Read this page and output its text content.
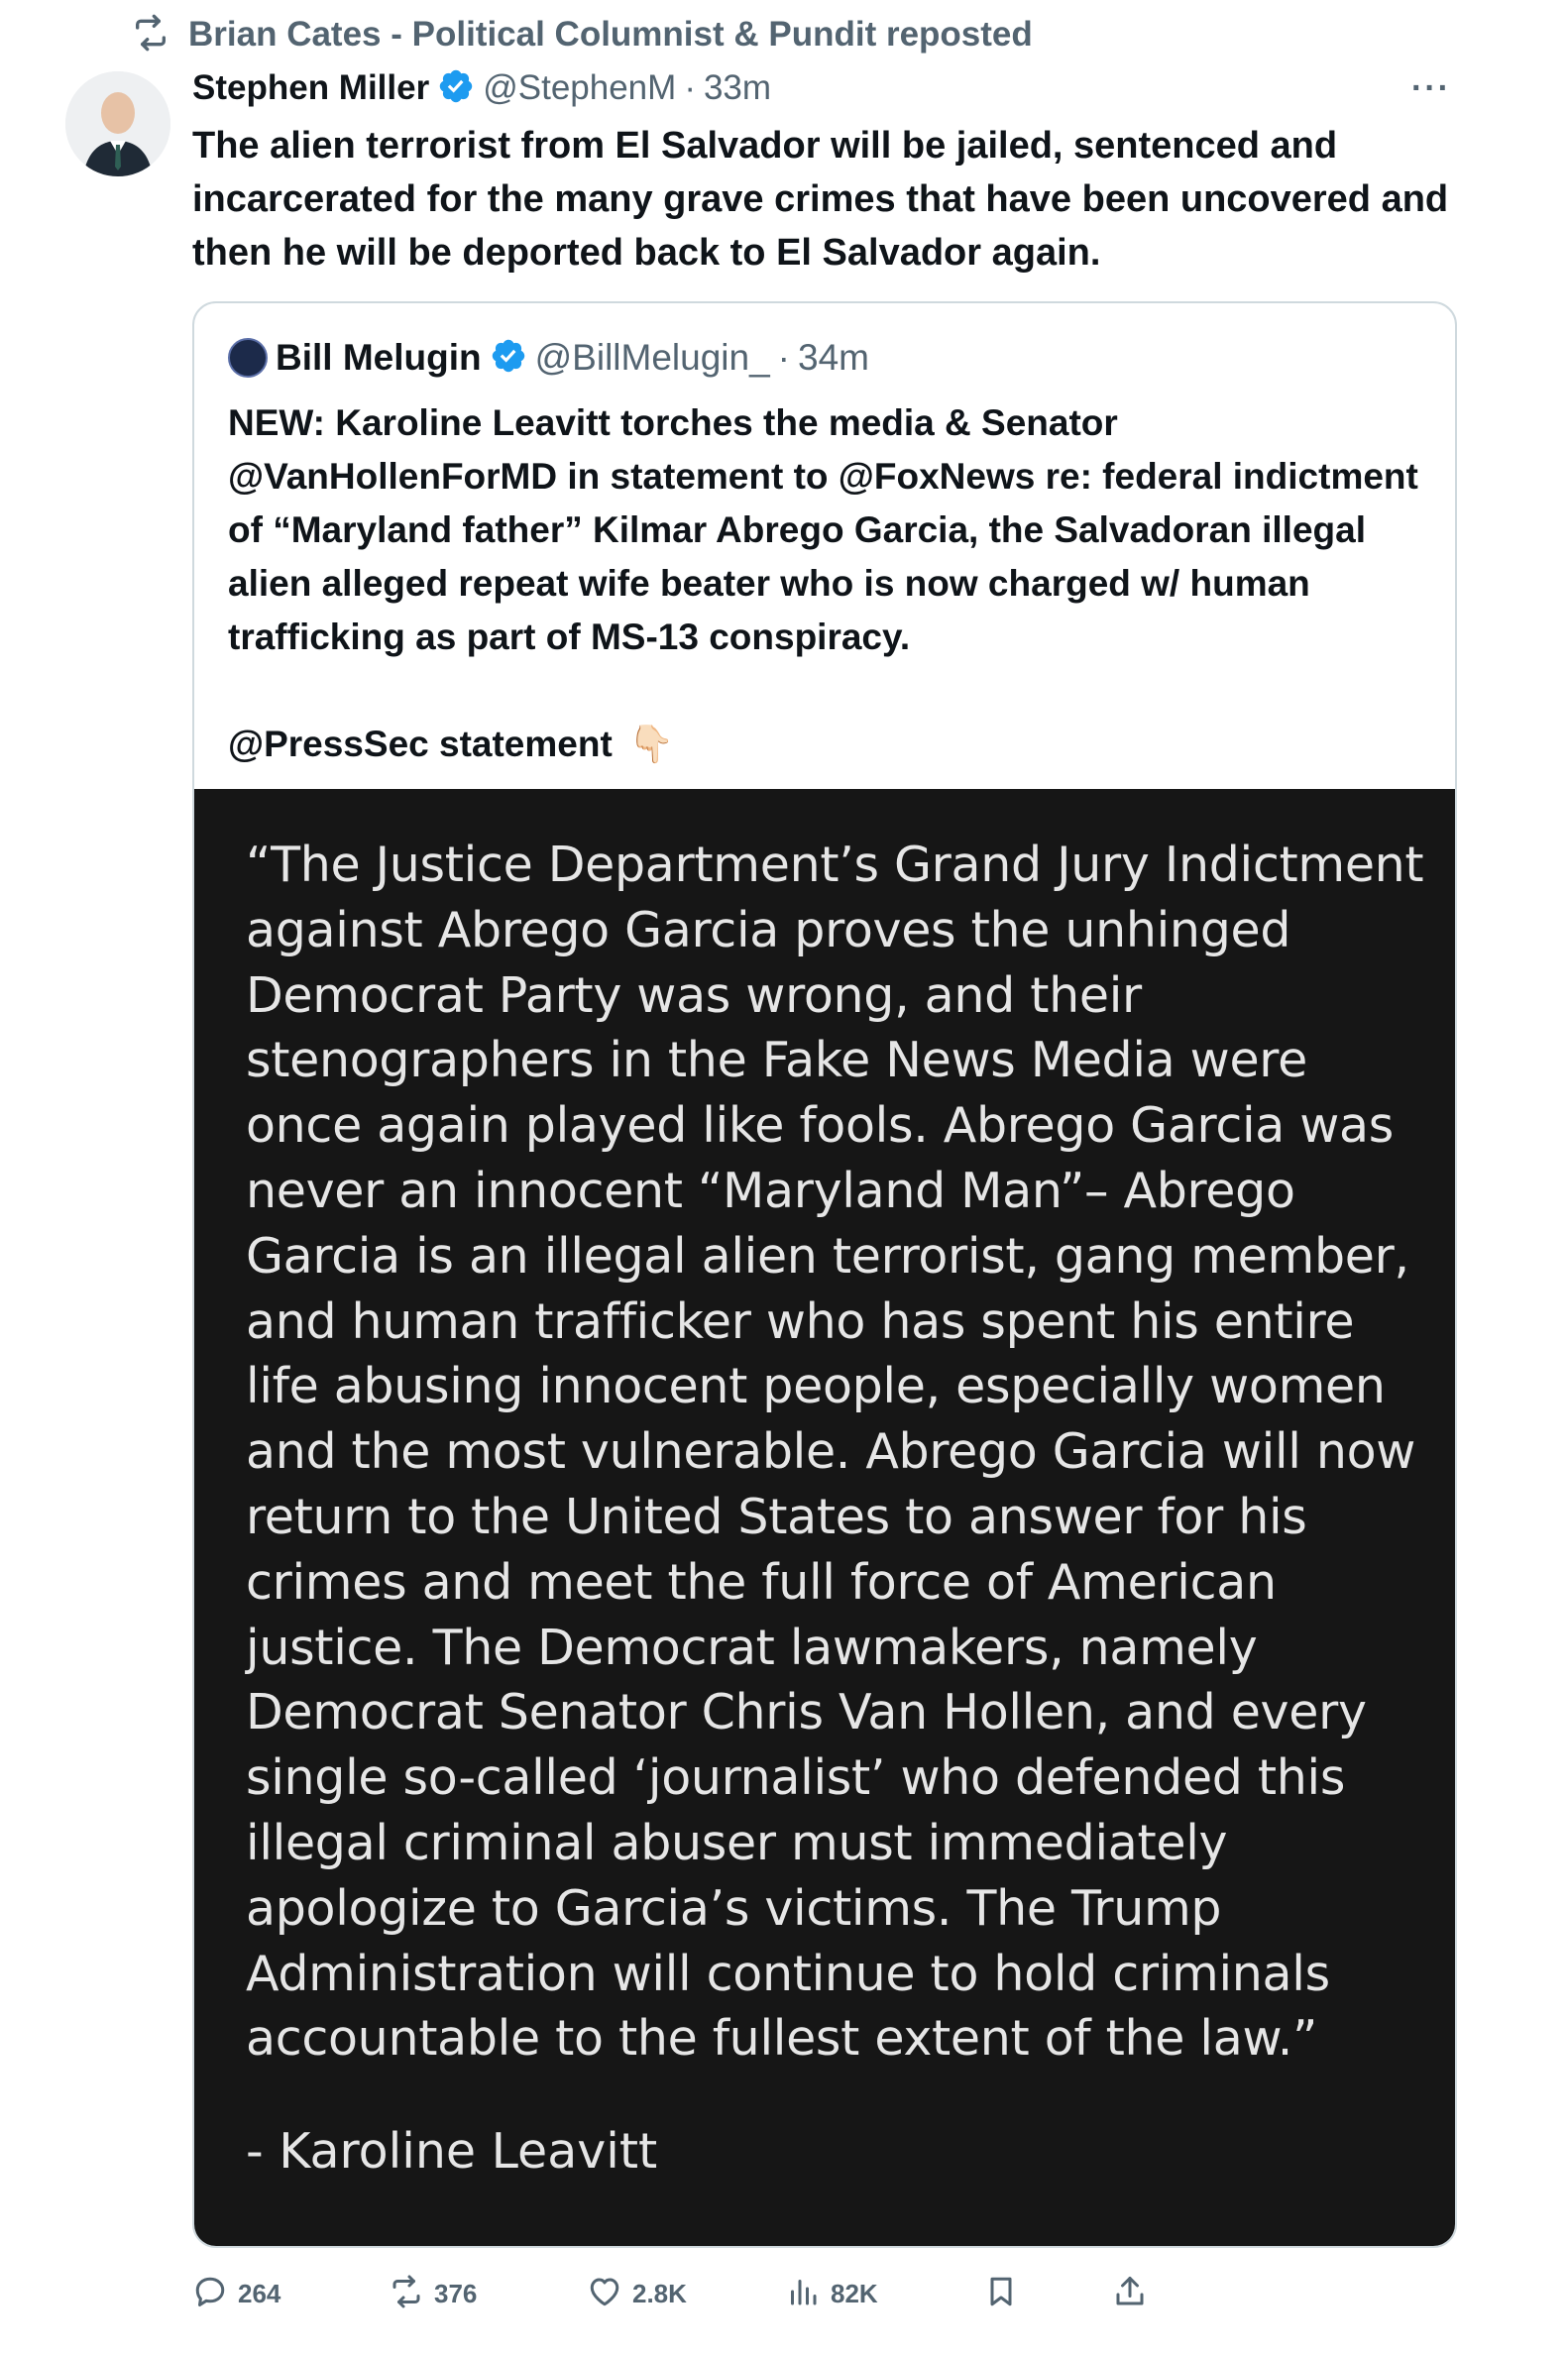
Brian Cates - Political Columnist & Pundit reposted
Stephen Miller @StephenM · 33m	···
The alien terrorist from El Salvador will be jailed, sentenced and incarcerated for the many grave crimes that have been uncovered and then he will be deported back to El Salvador again.
Bill Melugin @BillMelugin_ · 34m

NEW: Karoline Leavitt torches the media & Senator @VanHollenForMD in statement to @FoxNews re: federal indictment of “Maryland father” Kilmar Abrego Garcia, the Salvadoran illegal alien alleged repeat wife beater who is now charged w/ human trafficking as part of MS-13 conspiracy.

@PressSec statement 👇🏻

“The Justice Department’s Grand Jury Indictment against Abrego Garcia proves the unhinged Democrat Party was wrong, and their stenographers in the Fake News Media were once again played like fools. Abrego Garcia was never an innocent “Maryland Man”– Abrego Garcia is an illegal alien terrorist, gang member, and human trafficker who has spent his entire life abusing innocent people, especially women and the most vulnerable. Abrego Garcia will now return to the United States to answer for his crimes and meet the full force of American justice. The Democrat lawmakers, namely Democrat Senator Chris Van Hollen, and every single so-called ‘journalist’ who defended this illegal criminal abuser must immediately apologize to Garcia’s victims. The Trump Administration will continue to hold criminals accountable to the fullest extent of the law.”
- Karoline Leavitt
264	376	2.8K	82K
